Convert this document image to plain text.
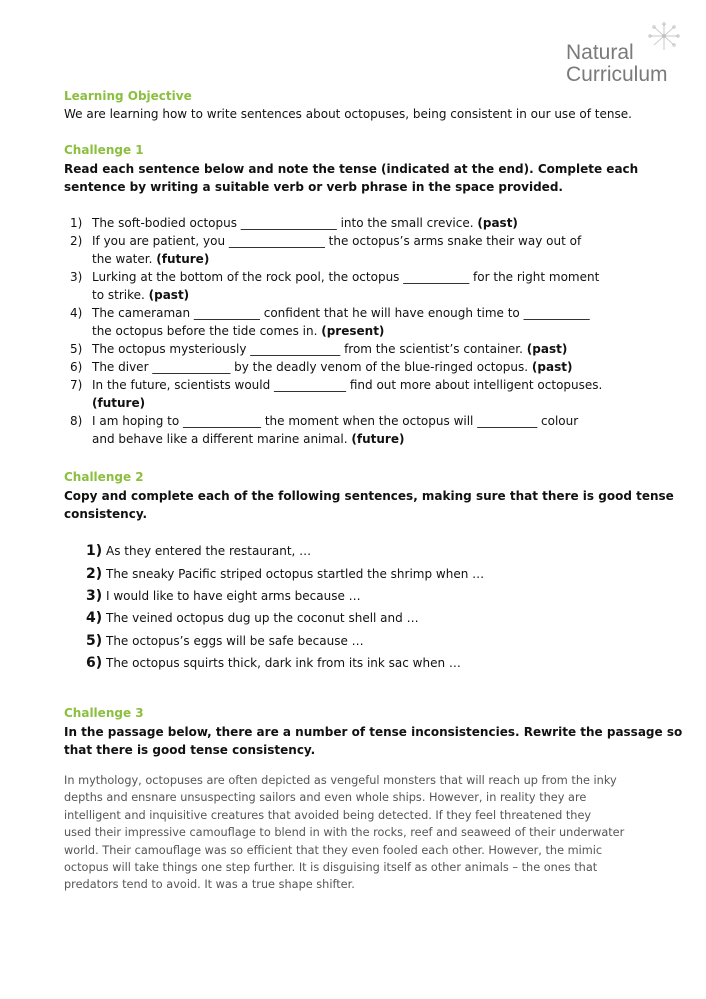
Natural
Curriculum
Learning Objective
We are learning how to write sentences about octopuses, being consistent in our use of tense.
Challenge 1
Read each sentence below and note the tense (indicated at the end). Complete each
sentence by writing a suitable verb or verb phrase in the space provided.
1) The soft-bodied octopus ________________ into the small crevice. (past)
2) If you are patient, you ________________ the octopus’s arms snake their way out of
the water. (future)
3) Lurking at the bottom of the rock pool, the octopus ___________ for the right moment
to strike. (past)
4) The cameraman ___________ confident that he will have enough time to ___________
the octopus before the tide comes in. (present)
5) The octopus mysteriously _______________ from the scientist’s container. (past)
6) The diver _____________ by the deadly venom of the blue-ringed octopus. (past)
7) In the future, scientists would ____________ find out more about intelligent octopuses.
(future)
8) I am hoping to _____________ the moment when the octopus will __________ colour
and behave like a different marine animal. (future)
Challenge 2
Copy and complete each of the following sentences, making sure that there is good tense
consistency.
1) As they entered the restaurant, …
2) The sneaky Pacific striped octopus startled the shrimp when …
3) I would like to have eight arms because …
4) The veined octopus dug up the coconut shell and …
5) The octopus’s eggs will be safe because …
6) The octopus squirts thick, dark ink from its ink sac when …
Challenge 3
In the passage below, there are a number of tense inconsistencies. Rewrite the passage so
that there is good tense consistency.
In mythology, octopuses are often depicted as vengeful monsters that will reach up from the inky
depths and ensnare unsuspecting sailors and even whole ships. However, in reality they are
intelligent and inquisitive creatures that avoided being detected. If they feel threatened they
used their impressive camouflage to blend in with the rocks, reef and seaweed of their underwater
world. Their camouflage was so efficient that they even fooled each other. However, the mimic
octopus will take things one step further. It is disguising itself as other animals – the ones that
predators tend to avoid. It was a true shape shifter.
